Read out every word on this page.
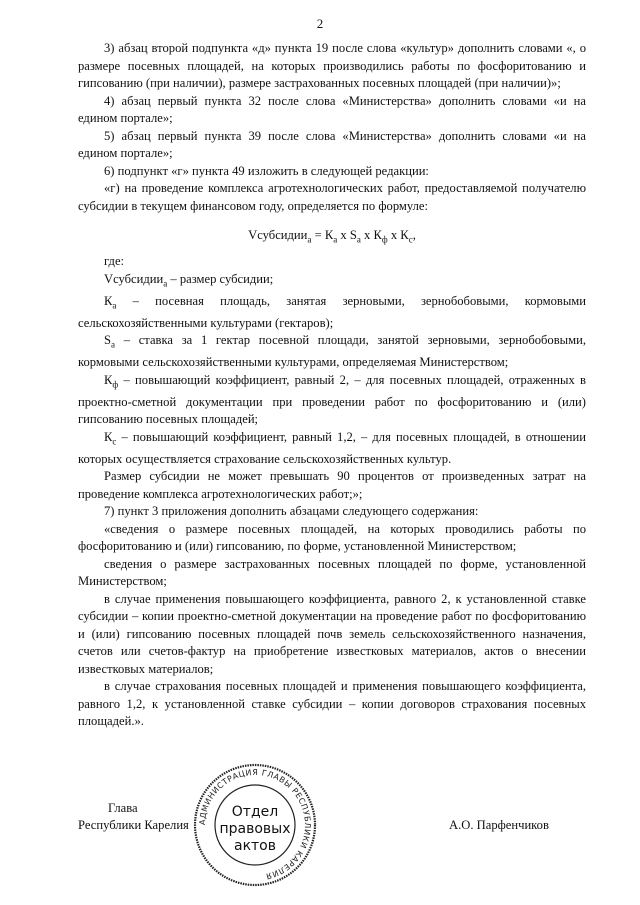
2

3) абзац второй подпункта «д» пункта 19 после слова «культур» дополнить словами «, о размере посевных площадей, на которых производились работы по фосфоритованию и гипсованию (при наличии), размере застрахованных посевных площадей (при наличии)»;

4) абзац первый пункта 32 после слова «Министерства» дополнить словами «и на едином портале»;

5) абзац первый пункта 39 после слова «Министерства» дополнить словами «и на едином портале»;

6) подпункт «г» пункта 49 изложить в следующей редакции:

«г) на проведение комплекса агротехнологических работ, предоставляемой получателю субсидии в текущем финансовом году, определяется по формуле:

Vсубсидии$_а$ = $К_а$ x $S_а$ x $К_ф$ x $К_с$,

где:

Vсубсидии$_а$ – размер субсидии;

$К_а$ – посевная площадь, занятая зерновыми, зернобобовыми, кормовыми сельскохозяйственными культурами (гектаров);

$S_а$ – ставка за 1 гектар посевной площади, занятой зерновыми, зернобобовыми, кормовыми сельскохозяйственными культурами, определяемая Министерством;

$К_ф$ – повышающий коэффициент, равный 2, – для посевных площадей, отраженных в проектно-сметной документации при проведении работ по фосфоритованию и (или) гипсованию посевных площадей;

$К_с$ – повышающий коэффициент, равный 1,2, – для посевных площадей, в отношении которых осуществляется страхование сельскохозяйственных культур.

Размер субсидии не может превышать 90 процентов от произведенных затрат на проведение комплекса агротехнологических работ;»;

7) пункт 3 приложения дополнить абзацами следующего содержания:

«сведения о размере посевных площадей, на которых проводились работы по фосфоритованию и (или) гипсованию, по форме, установленной Министерством;

сведения о размере застрахованных посевных площадей по форме, установленной Министерством;

в случае применения повышающего коэффициента, равного 2, к установленной ставке субсидии – копии проектно-сметной документации на проведение работ по фосфоритованию и (или) гипсованию посевных площадей почв земель сельскохозяйственного назначения, счетов или счетов-фактур на приобретение известковых материалов, актов о внесении известковых материалов;

в случае страхования посевных площадей и применения повышающего коэффициента, равного 1,2, к установленной ставке субсидии – копии договоров страхования посевных площадей.».

Глава
Республики Карелия АДМИНИСТРАЦИЯ ГЛАВЫ РЕСПУБЛИКИ КАРЕЛИЯ
Отдел
правовых
актов
А.О. Парфенчиков
